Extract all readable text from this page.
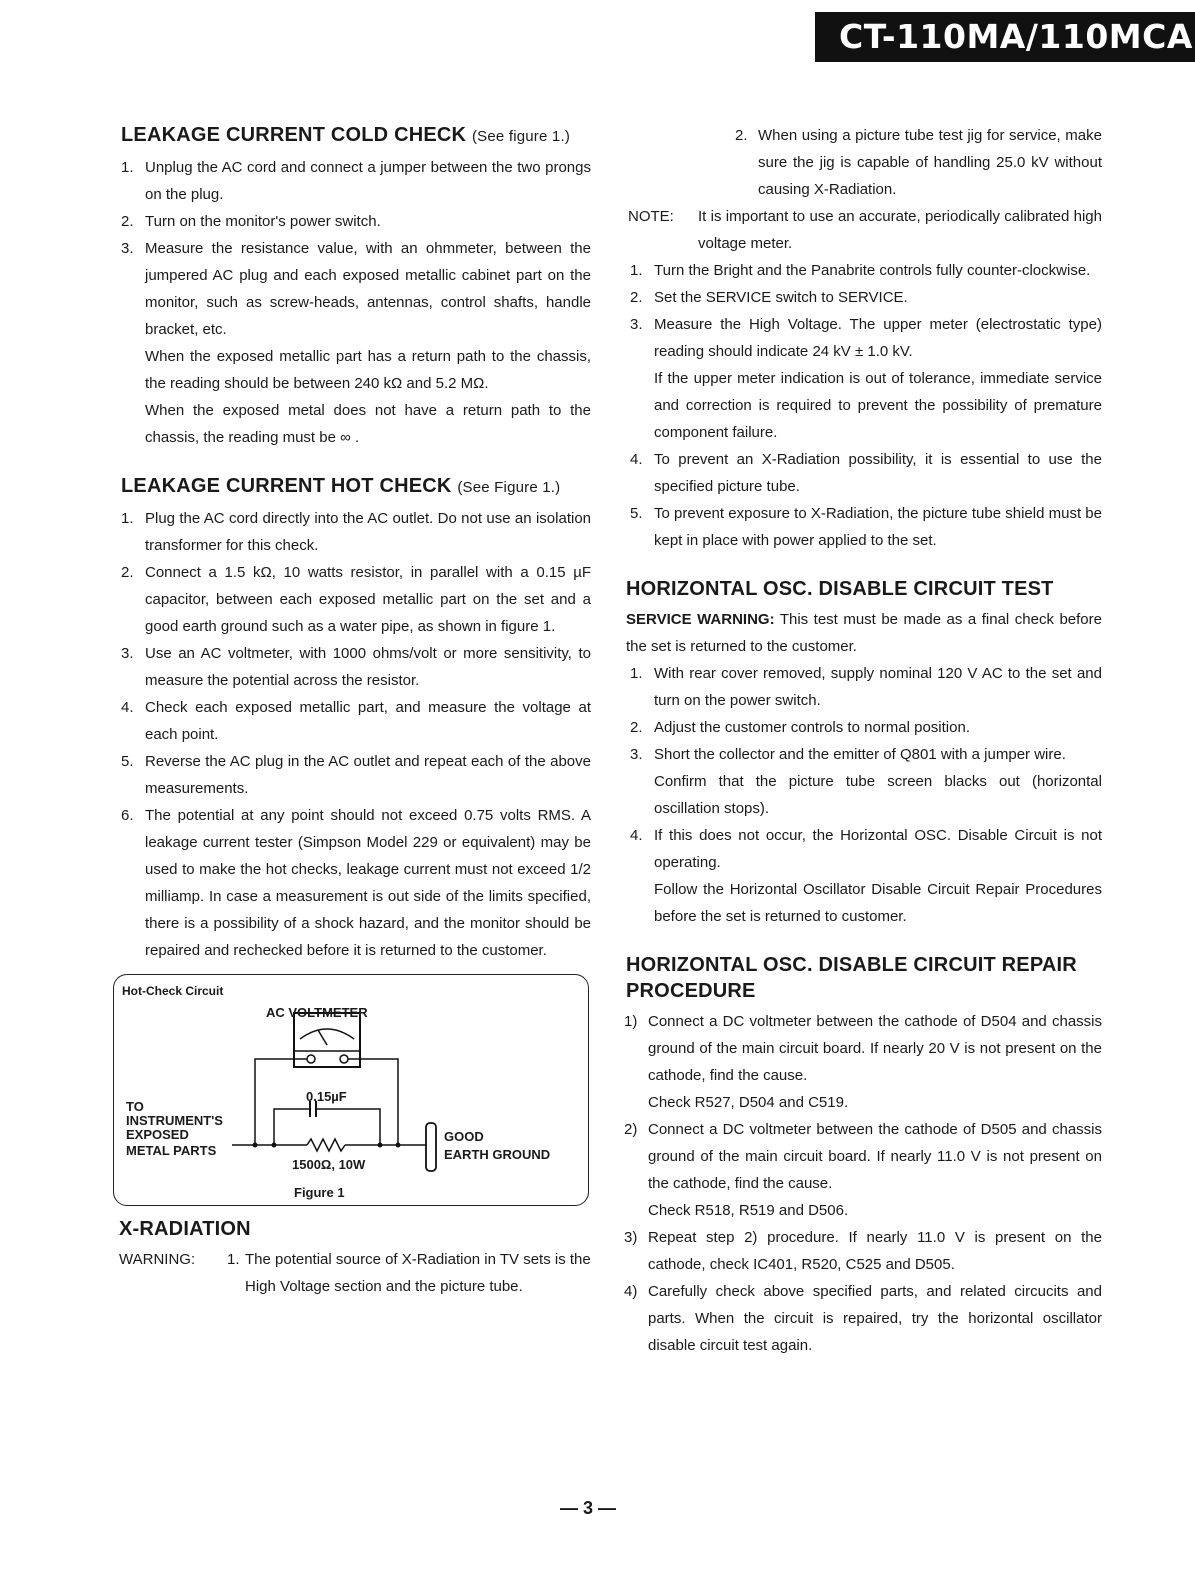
CT-110MA/110MCA
LEAKAGE CURRENT COLD CHECK (See figure 1.)
1. Unplug the AC cord and connect a jumper between the two prongs on the plug.
2. Turn on the monitor's power switch.
3. Measure the resistance value, with an ohmmeter, between the jumpered AC plug and each exposed metallic cabinet part on the monitor, such as screw-heads, antennas, control shafts, handle bracket, etc.
When the exposed metallic part has a return path to the chassis, the reading should be between 240 kΩ and 5.2 MΩ.
When the exposed metal does not have a return path to the chassis, the reading must be ∞ .
LEAKAGE CURRENT HOT CHECK (See Figure 1.)
1. Plug the AC cord directly into the AC outlet. Do not use an isolation transformer for this check.
2. Connect a 1.5 kΩ, 10 watts resistor, in parallel with a 0.15 µF capacitor, between each exposed metallic part on the set and a good earth ground such as a water pipe, as shown in figure 1.
3. Use an AC voltmeter, with 1000 ohms/volt or more sensitivity, to measure the potential across the resistor.
4. Check each exposed metallic part, and measure the voltage at each point.
5. Reverse the AC plug in the AC outlet and repeat each of the above measurements.
6. The potential at any point should not exceed 0.75 volts RMS. A leakage current tester (Simpson Model 229 or equivalent) may be used to make the hot checks, leakage current must not exceed 1/2 milliamp. In case a measurement is out side of the limits specified, there is a possibility of a shock hazard, and the monitor should be repaired and rechecked before it is returned to the customer.
Hot-Check Circuit
AC VOLTMETER
0.15µF
1500Ω, 10W
TO
INSTRUMENT'S
EXPOSED
METAL PARTS
GOOD
EARTH GROUND
Figure 1
X-RADIATION
WARNING: 1. The potential source of X-Radiation in TV sets is the High Voltage section and the picture tube.
2. When using a picture tube test jig for service, make sure the jig is capable of handling 25.0 kV without causing X-Radiation.
NOTE: It is important to use an accurate, periodically calibrated high voltage meter.
1. Turn the Bright and the Panabrite controls fully counter-clockwise.
2. Set the SERVICE switch to SERVICE.
3. Measure the High Voltage. The upper meter (electrostatic type) reading should indicate 24 kV ± 1.0 kV.
If the upper meter indication is out of tolerance, immediate service and correction is required to prevent the possibility of premature component failure.
4. To prevent an X-Radiation possibility, it is essential to use the specified picture tube.
5. To prevent exposure to X-Radiation, the picture tube shield must be kept in place with power applied to the set.
HORIZONTAL OSC. DISABLE CIRCUIT TEST
SERVICE WARNING: This test must be made as a final check before the set is returned to the customer.
1. With rear cover removed, supply nominal 120 V AC to the set and turn on the power switch.
2. Adjust the customer controls to normal position.
3. Short the collector and the emitter of Q801 with a jumper wire.
Confirm that the picture tube screen blacks out (horizontal oscillation stops).
4. If this does not occur, the Horizontal OSC. Disable Circuit is not operating.
Follow the Horizontal Oscillator Disable Circuit Repair Procedures before the set is returned to customer.
HORIZONTAL OSC. DISABLE CIRCUIT REPAIR
PROCEDURE
1) Connect a DC voltmeter between the cathode of D504 and chassis ground of the main circuit board. If nearly 20 V is not present on the cathode, find the cause.
Check R527, D504 and C519.
2) Connect a DC voltmeter between the cathode of D505 and chassis ground of the main circuit board. If nearly 11.0 V is not present on the cathode, find the cause.
Check R518, R519 and D506.
3) Repeat step 2) procedure. If nearly 11.0 V is present on the cathode, check IC401, R520, C525 and D505.
4) Carefully check above specified parts, and related circucits and parts. When the circuit is repaired, try the horizontal oscillator disable circuit test again.
— 3 —
